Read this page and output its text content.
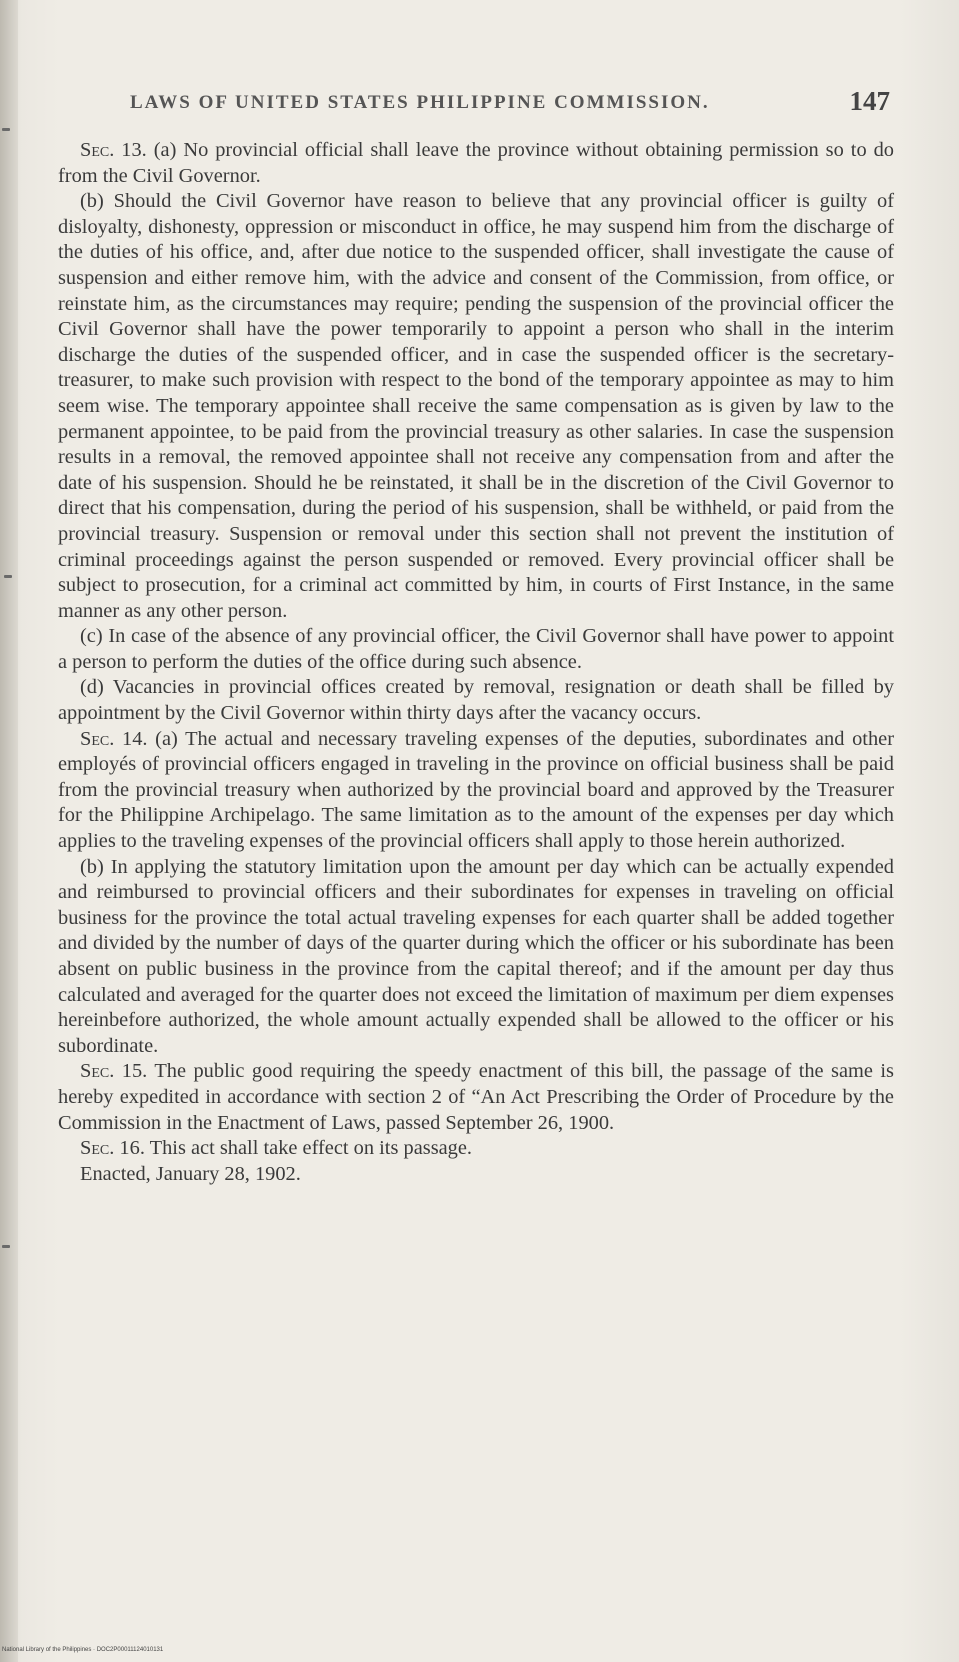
LAWS OF UNITED STATES PHILIPPINE COMMISSION.	147

Sec. 13. (a) No provincial official shall leave the province without obtaining permission so to do from the Civil Governor.

(b) Should the Civil Governor have reason to believe that any provincial officer is guilty of disloyalty, dishonesty, oppression or misconduct in office, he may suspend him from the discharge of the duties of his office, and, after due notice to the suspended officer, shall investigate the cause of suspension and either remove him, with the advice and consent of the Commission, from office, or reinstate him, as the circumstances may require; pending the suspension of the provincial officer the Civil Governor shall have the power temporarily to appoint a person who shall in the interim discharge the duties of the suspended officer, and in case the suspended officer is the secretary-treasurer, to make such provision with respect to the bond of the temporary appointee as may to him seem wise. The temporary appointee shall receive the same compensation as is given by law to the permanent appointee, to be paid from the provincial treasury as other salaries. In case the suspension results in a removal, the removed appointee shall not receive any compensation from and after the date of his suspension. Should he be reinstated, it shall be in the discretion of the Civil Governor to direct that his compensation, during the period of his suspension, shall be withheld, or paid from the provincial treasury. Suspension or removal under this section shall not prevent the institution of criminal proceedings against the person suspended or removed. Every provincial officer shall be subject to prosecution, for a criminal act committed by him, in courts of First Instance, in the same manner as any other person.

(c) In case of the absence of any provincial officer, the Civil Governor shall have power to appoint a person to perform the duties of the office during such absence.

(d) Vacancies in provincial offices created by removal, resignation or death shall be filled by appointment by the Civil Governor within thirty days after the vacancy occurs.

Sec. 14. (a) The actual and necessary traveling expenses of the deputies, subordinates and other employés of provincial officers engaged in traveling in the province on official business shall be paid from the provincial treasury when authorized by the provincial board and approved by the Treasurer for the Philippine Archipelago. The same limitation as to the amount of the expenses per day which applies to the traveling expenses of the provincial officers shall apply to those herein authorized.

(b) In applying the statutory limitation upon the amount per day which can be actually expended and reimbursed to provincial officers and their subordinates for expenses in traveling on official business for the province the total actual traveling expenses for each quarter shall be added together and divided by the number of days of the quarter during which the officer or his subordinate has been absent on public business in the province from the capital thereof; and if the amount per day thus calculated and averaged for the quarter does not exceed the limitation of maximum per diem expenses hereinbefore authorized, the whole amount actually expended shall be allowed to the officer or his subordinate.

Sec. 15. The public good requiring the speedy enactment of this bill, the passage of the same is hereby expedited in accordance with section 2 of “An Act Prescribing the Order of Procedure by the Commission in the Enactment of Laws, passed September 26, 1900.

Sec. 16. This act shall take effect on its passage.

Enacted, January 28, 1902.

National Library of the Philippines · DOC2P00011124010131
